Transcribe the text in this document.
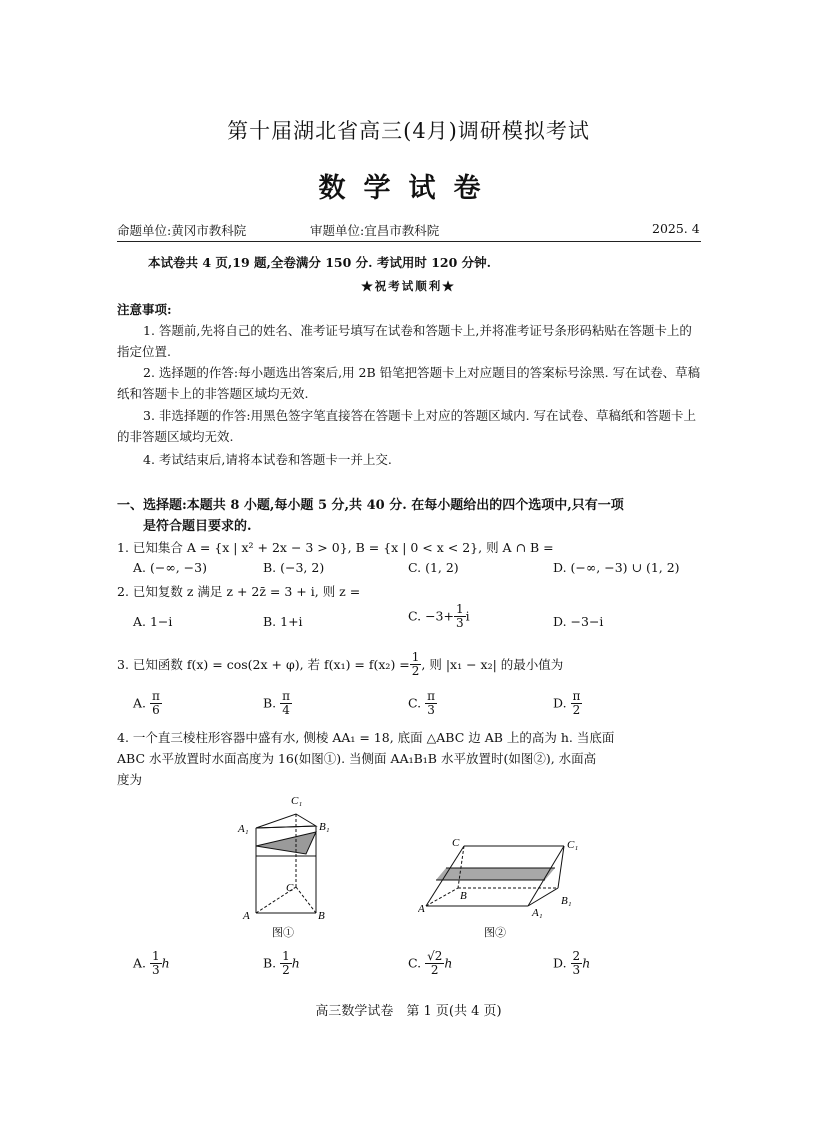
第十届湖北省高三(4月)调研模拟考试
数学试卷
命题单位:黄冈市教科院	审题单位:宜昌市教科院	2025. 4
本试卷共 4 页,19 题,全卷满分 150 分. 考试用时 120 分钟.
★祝考试顺利★
注意事项:
1. 答题前,先将自己的姓名、准考证号填写在试卷和答题卡上,并将准考证号条形码粘贴在答题卡上的指定位置.
2. 选择题的作答:每小题选出答案后,用 2B 铅笔把答题卡上对应题目的答案标号涂黑. 写在试卷、草稿纸和答题卡上的非答题区域均无效.
3. 非选择题的作答:用黑色签字笔直接答在答题卡上对应的答题区域内. 写在试卷、草稿纸和答题卡上的非答题区域均无效.
4. 考试结束后,请将本试卷和答题卡一并上交.
一、选择题:本题共 8 小题,每小题 5 分,共 40 分. 在每小题给出的四个选项中,只有一项
是符合题目要求的.
1. 已知集合 A = {x | x² + 2x − 3 > 0}, B = {x | 0 < x < 2}, 则 A ∩ B =
A. (−∞, −3)	B. (−3, 2)	C. (1, 2)	D. (−∞, −3) ∪ (1, 2)
2. 已知复数 z 满足 z + 2z̄ = 3 + i, 则 z =
A. 1−i	B. 1+i	C. $-3+ \frac{1}{3}$ i	D. −3−i
3. 已知函数 f(x) = cos(2x + φ), 若 $f(x_1) = f(x_2) = \frac{1}{2}$ , 则 |x₁ − x₂| 的最小值为
A. $\frac{\pi}{6}$	B. $\frac{\pi}{4}$	C. $\frac{\pi}{3}$	D. $\frac{\pi}{2}$
4. 一个直三棱柱形容器中盛有水, 侧棱 AA₁ = 18, 底面 △ABC 边 AB 上的高为 h. 当底面
ABC 水平放置时水面高度为 16(如图①). 当侧面 AA₁B₁B 水平放置时(如图②), 水面高
度为
C₁
A₁	B₁
C
A	B
图①
C	C₁
A
B
A₁
B₁
图②
A. $\frac{1}{3}$ h	B. $\frac{1}{2}$ h	C. $\frac{√2}{2}$ h	D. $\frac{2}{3}$ h
高三数学试卷　第 1 页(共 4 页)
